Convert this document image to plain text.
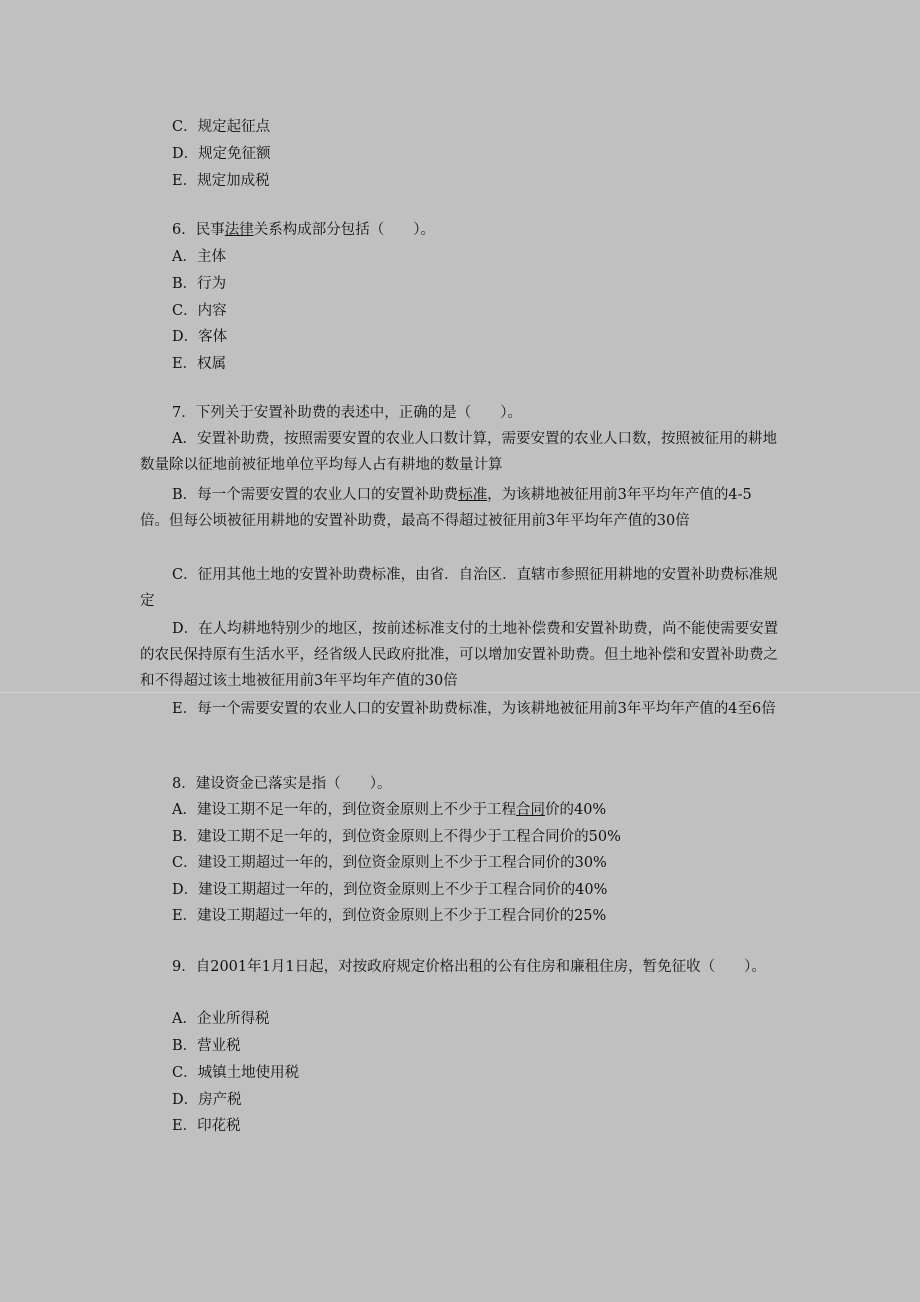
C．规定起征点
D．规定免征额
E．规定加成税
6．民事法律关系构成部分包括（　　）。
A．主体
B．行为
C．内容
D．客体
E．权属
7．下列关于安置补助费的表述中，正确的是（　　）。
A．安置补助费，按照需要安置的农业人口数计算，需要安置的农业人口数，按照被征用的耕地数量除以征地前被征地单位平均每人占有耕地的数量计算
B．每一个需要安置的农业人口的安置补助费标准，为该耕地被征用前3年平均年产值的4-5倍。但每公顷被征用耕地的安置补助费，最高不得超过被征用前3年平均年产值的30倍
C．征用其他土地的安置补助费标准，由省．自治区．直辖市参照征用耕地的安置补助费标准规定
D．在人均耕地特别少的地区，按前述标准支付的土地补偿费和安置补助费，尚不能使需要安置的农民保持原有生活水平，经省级人民政府批准，可以增加安置补助费。但土地补偿和安置补助费之和不得超过该土地被征用前3年平均年产值的30倍
E．每一个需要安置的农业人口的安置补助费标准，为该耕地被征用前3年平均年产值的4至6倍
8．建设资金已落实是指（　　）。
A．建设工期不足一年的，到位资金原则上不少于工程合同价的40%
B．建设工期不足一年的，到位资金原则上不得少于工程合同价的50%
C．建设工期超过一年的，到位资金原则上不少于工程合同价的30%
D．建设工期超过一年的，到位资金原则上不少于工程合同价的40%
E．建设工期超过一年的，到位资金原则上不少于工程合同价的25%
9．自2001年1月1日起，对按政府规定价格出租的公有住房和廉租住房，暂免征收（　　）。
A．企业所得税
B．营业税
C．城镇土地使用税
D．房产税
E．印花税
